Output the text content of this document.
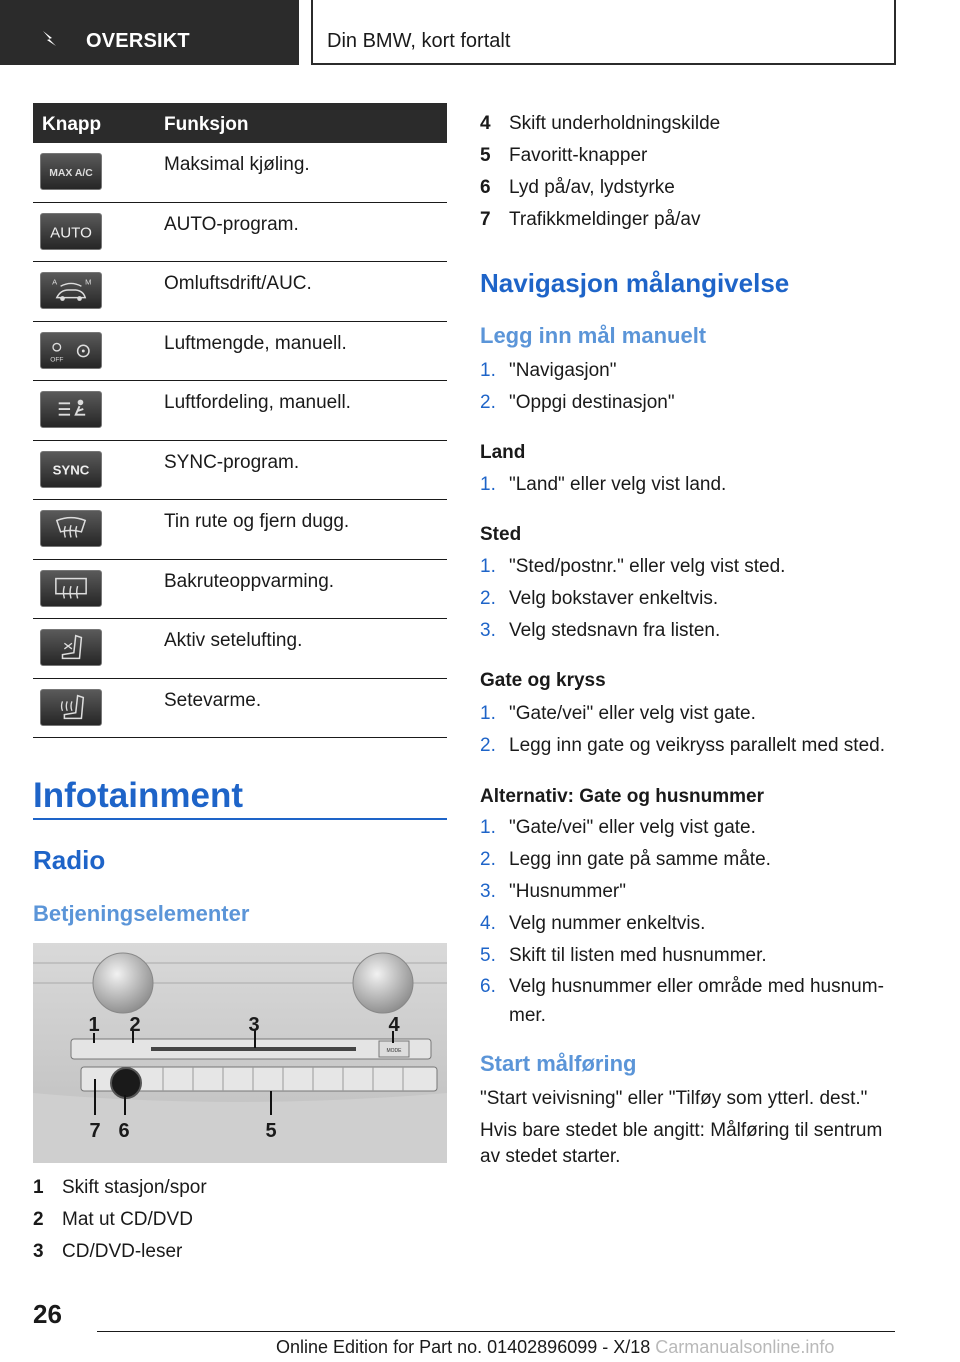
OVERSIKT	Din BMW, kort fortalt
Knapp	Funksjon
MAX A/C	Maksimal kjøling.
AUTO	AUTO-program.
A	M	Omluftsdrift/AUC.
OFF
Luftmengde, manuell.
Luftfordeling, manuell.
SYNC	SYNC-program.
Tin rute og fjern dugg.
Bakruteoppvarming.
Aktiv setelufting.
Setevarme.
Infotainment
Radio
Betjeningselementer
MODE
1 2	3	4
7 6	5
1 Skift stasjon/spor
2 Mat ut CD/DVD
3 CD/DVD-leser
4 Skift underholdningskilde
5 Favoritt-knapper
6 Lyd på/av, lydstyrke
7 Trafikkmeldinger på/av
Navigasjon målangivelse
Legg inn mål manuelt
1. "Navigasjon"
2. "Oppgi destinasjon"
Land
1. "Land" eller velg vist land.
Sted
1. "Sted/postnr." eller velg vist sted.
2. Velg bokstaver enkeltvis.
3. Velg stedsnavn fra listen.
Gate og kryss
1. "Gate/vei" eller velg vist gate.
2. Legg inn gate og veikryss parallelt med sted.
Alternativ: Gate og husnummer
1. "Gate/vei" eller velg vist gate.
2. Legg inn gate på samme måte.
3. "Husnummer"
4. Velg nummer enkeltvis.
5. Skift til listen med husnummer.
6. Velg husnummer eller område med husnum‐mer.
Start målføring
"Start veivisning" eller "Tilføy som ytterl. dest."
Hvis bare stedet ble angitt: Målføring til sentrum av stedet starter.
26
Online Edition for Part no. 01402896099 - X/18 Carmanualsonline.info
